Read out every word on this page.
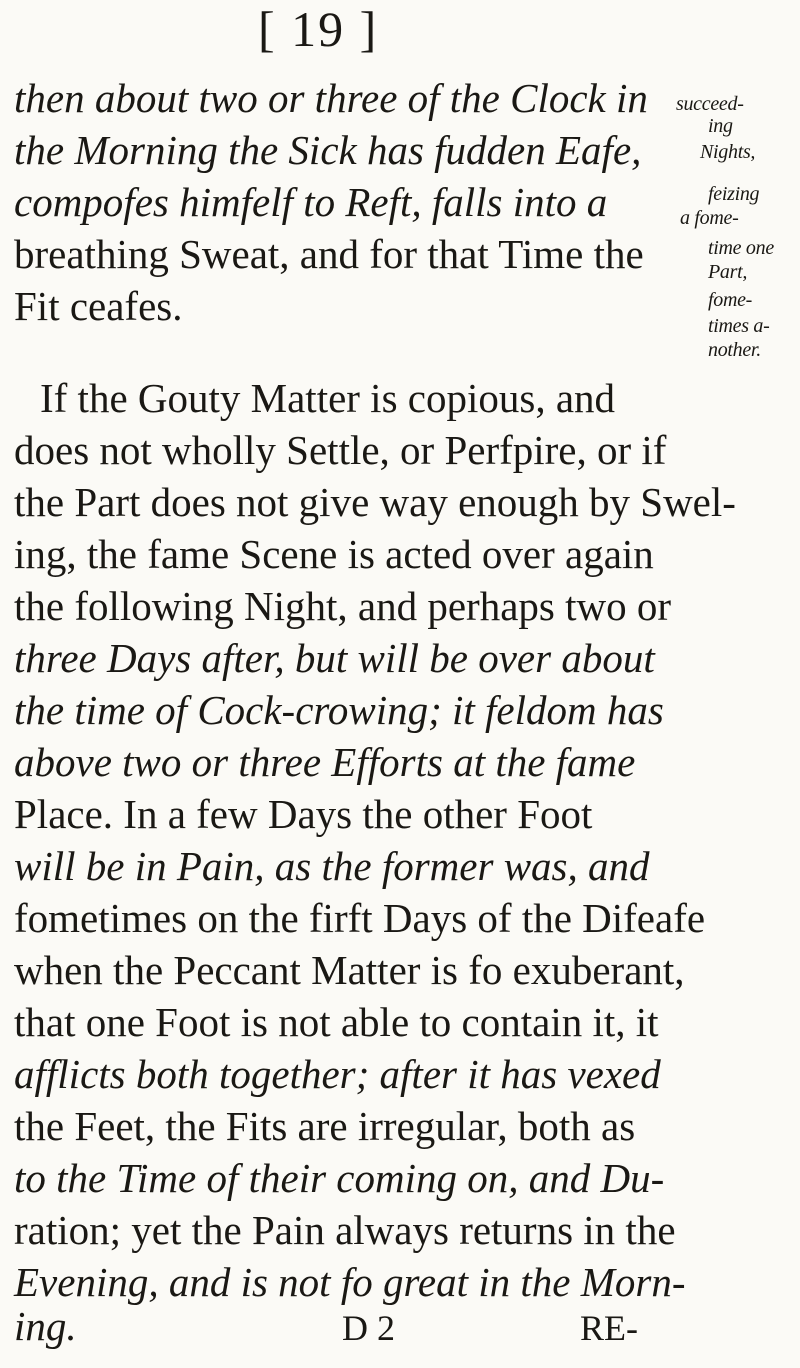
[ 19 ]
then about two or three of the Clock in
the Morning the Sick has fudden Eafe,
compofes himfelf to Reft, falls into a
breathing Sweat, and for that Time the
Fit ceafes.
succeed-
ing
Nights,
feizing
a fome-
time one
Part,
fome-
times a-
nother.
If the Gouty Matter is copious, and
does not wholly Settle, or Perfpire, or if
the Part does not give way enough by Swel-
ing, the fame Scene is acted over again
the following Night, and perhaps two or
three Days after, but will be over about
the time of Cock-crowing; it feldom has
above two or three Efforts at the fame
Place. In a few Days the other Foot
will be in Pain, as the former was, and
fometimes on the firft Days of the Difeafe
when the Peccant Matter is fo exuberant,
that one Foot is not able to contain it, it
afflicts both together; after it has vexed
the Feet, the Fits are irregular, both as
to the Time of their coming on, and Du-
ration; yet the Pain always returns in the
Evening, and is not fo great in the Morn-
ing.	D 2	RE-
